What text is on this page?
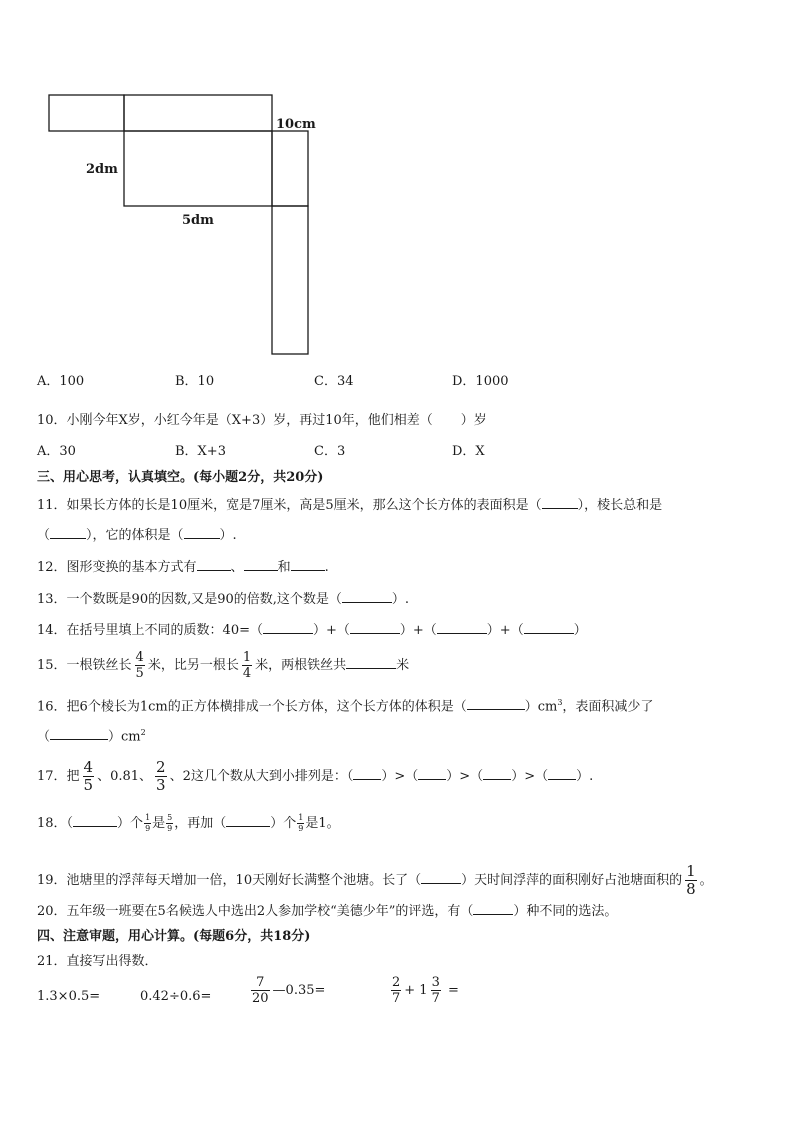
10cm
2dm
5dm
A．100	B．10	C．34	D．1000
10．小刚今年X岁，小红今年是（X+3）岁，再过10年，他们相差（ ）岁
A．30	B．X+3	C．3	D．X
三、用心思考，认真填空。(每小题2分，共20分)
11．如果长方体的长是10厘米，宽是7厘米，高是5厘米，那么这个长方体的表面积是（	），棱长总和是
（	），它的体积是（	）.
12．图形变换的基本方式有	、	和	.
13．一个数既是90的因数,又是90的倍数,这个数是（	）.
14．在括号里填上不同的质数：40=（	）+（	）+（	）+（	）
15．一根铁丝长 $\frac{4}{5}$ 米，比另一根长 $\frac{1}{4}$ 米，两根铁丝共	米
16．把6个棱长为1cm的正方体横排成一个长方体，这个长方体的体积是（	）$cm^3$，表面积减少了
（	）$cm^2$
17．把 $\frac{4}{5}$ 、0.81、 $\frac{2}{3}$ 、2这几个数从大到小排列是：（ ）>（ ）>（ ）>（ ）.
18．（	）个 $\frac{1}{9}$ 是 $\frac{5}{9}$ ，再加（	）个 $\frac{1}{9}$ 是1。
19．池塘里的浮萍每天增加一倍，10天刚好长满整个池塘。长了（	）天时间浮萍的面积刚好占池塘面积的 $\frac{1}{8}$ 。
20．五年级一班要在5名候选人中选出2人参加学校“美德少年”的评选，有（	）种不同的选法。
四、注意审题，用心计算。(每题6分，共18分)
21．直接写出得数．
1.3×0.5=	0.42÷0.6=	$\frac{7}{20}$ —0.35=	$\frac{2}{7} + 1 \frac{3}{7}$ =
